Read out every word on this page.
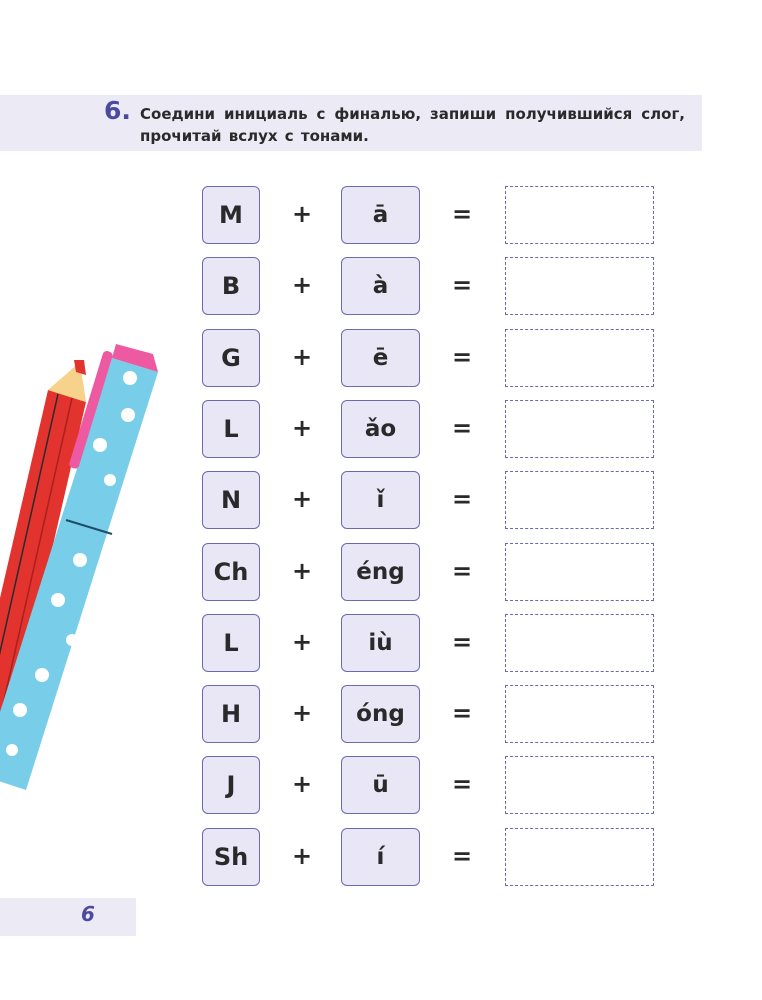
6. Соедини инициаль с финалью, запиши получившийся слог, прочитай вслух с тонами.
M	+	ā	=
B	+	à	=
G	+	ē	=
L	+	ǎo	=
N	+	ǐ	=
Ch	+	éng	=
L	+	iù	=
H	+	óng	=
J	+	ū	=
Sh	+	í	=
6
